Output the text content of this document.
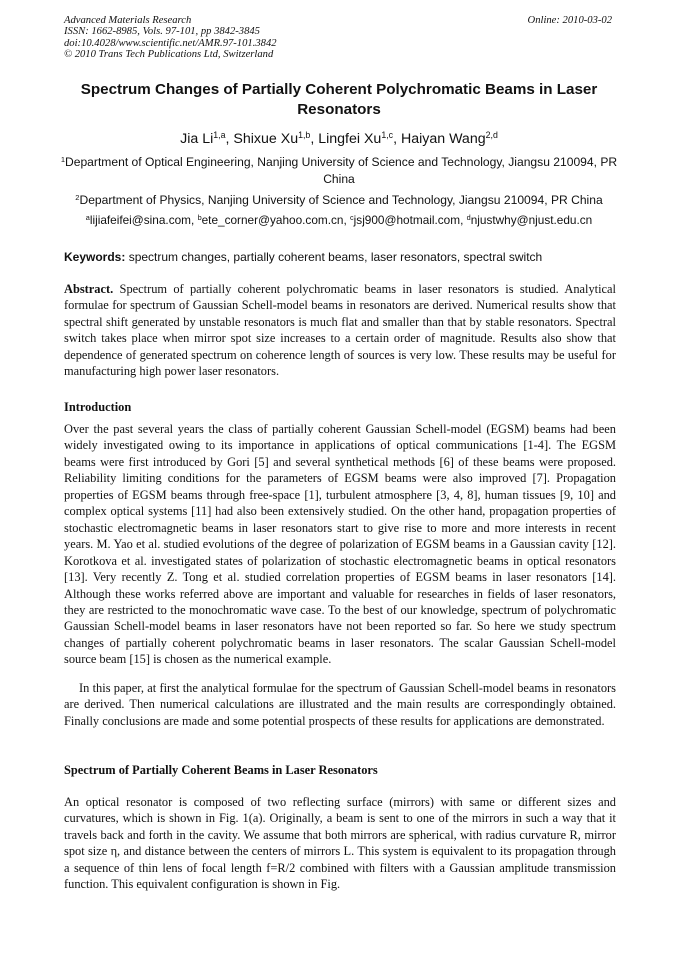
Advanced Materials Research
ISSN: 1662-8985, Vols. 97-101, pp 3842-3845
doi:10.4028/www.scientific.net/AMR.97-101.3842
© 2010 Trans Tech Publications Ltd, Switzerland
Online: 2010-03-02
Spectrum Changes of Partially Coherent Polychromatic Beams in Laser Resonators
Jia Li$^{1,a}$, Shixue Xu$^{1,b}$, Lingfei Xu$^{1,c}$, Haiyan Wang$^{2,d}$
$^1$Department of Optical Engineering, Nanjing University of Science and Technology, Jiangsu 210094, PR China
$^2$Department of Physics, Nanjing University of Science and Technology, Jiangsu 210094, PR China
$^a$lijiafeifei@sina.com, $^b$ete_corner@yahoo.com.cn, $^c$jsj900@hotmail.com, $^d$njustwhy@njust.edu.cn
Keywords: spectrum changes, partially coherent beams, laser resonators, spectral switch
Abstract. Spectrum of partially coherent polychromatic beams in laser resonators is studied. Analytical formulae for spectrum of Gaussian Schell-model beams in resonators are derived. Numerical results show that spectral shift generated by unstable resonators is much flat and smaller than that by stable resonators. Spectral switch takes place when mirror spot size increases to a certain order of magnitude. Results also show that dependence of generated spectrum on coherence length of sources is very low. These results may be useful for manufacturing high power laser resonators.
Introduction
Over the past several years the class of partially coherent Gaussian Schell-model (EGSM) beams had been widely investigated owing to its importance in applications of optical communications [1-4]. The EGSM beams were first introduced by Gori [5] and several synthetical methods [6] of these beams were proposed. Reliability limiting conditions for the parameters of EGSM beams were also improved [7]. Propagation properties of EGSM beams through free-space [1], turbulent atmosphere [3, 4, 8], human tissues [9, 10] and complex optical systems [11] had also been extensively studied. On the other hand, propagation properties of stochastic electromagnetic beams in laser resonators start to give rise to more and more interests in recent years. M. Yao et al. studied evolutions of the degree of polarization of EGSM beams in a Gaussian cavity [12]. Korotkova et al. investigated states of polarization of stochastic electromagnetic beams in optical resonators [13]. Very recently Z. Tong et al. studied correlation properties of EGSM beams in laser resonators [14]. Although these works referred above are important and valuable for researches in fields of laser resonators, they are restricted to the monochromatic wave case. To the best of our knowledge, spectrum of polychromatic Gaussian Schell-model beams in laser resonators have not been reported so far. So here we study spectrum changes of partially coherent polychromatic beams in laser resonators. The scalar Gaussian Schell-model source beam [15] is chosen as the numerical example.
In this paper, at first the analytical formulae for the spectrum of Gaussian Schell-model beams in resonators are derived. Then numerical calculations are illustrated and the main results are correspondingly obtained. Finally conclusions are made and some potential prospects of these results for applications are demonstrated.
Spectrum of Partially Coherent Beams in Laser Resonators
An optical resonator is composed of two reflecting surface (mirrors) with same or different sizes and curvatures, which is shown in Fig. 1(a). Originally, a beam is sent to one of the mirrors in such a way that it travels back and forth in the cavity. We assume that both mirrors are spherical, with radius curvature R, mirror spot size η, and distance between the centers of mirrors L. This system is equivalent to its propagation through a sequence of thin lens of focal length f=R/2 combined with filters with a Gaussian amplitude transmission function. This equivalent configuration is shown in Fig.
